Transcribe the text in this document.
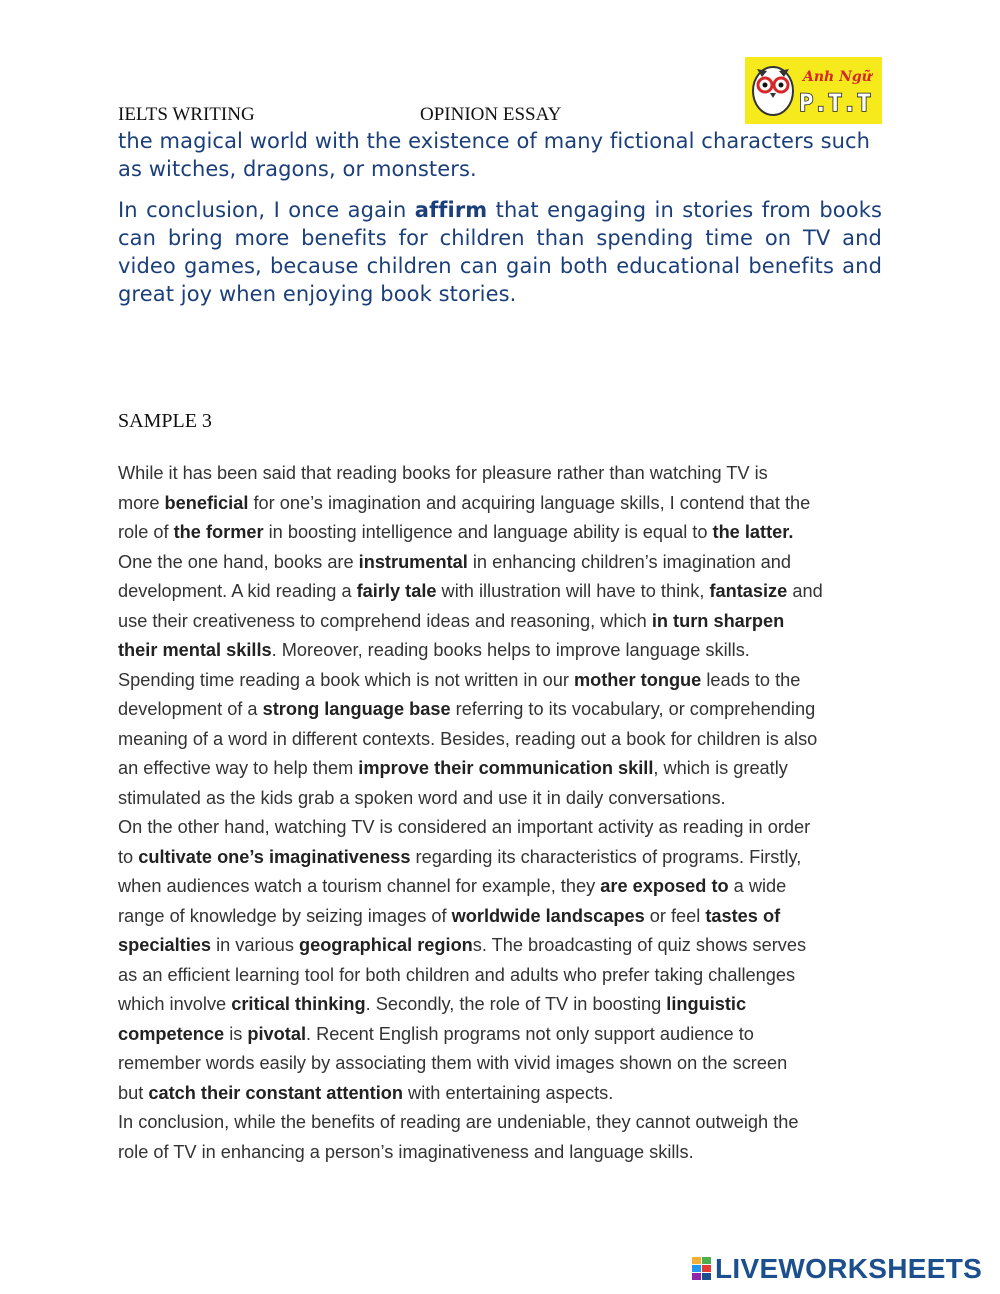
IELTS WRITING	OPINION ESSAY
Anh Ngữ
P.T.T
the magical world with the existence of many fictional characters such as witches, dragons, or monsters.
In conclusion, I once again affirm that engaging in stories from books can bring more benefits for children than spending time on TV and video games, because children can gain both educational benefits and great joy when enjoying book stories.
SAMPLE 3
While it has been said that reading books for pleasure rather than watching TV is
more beneficial for one’s imagination and acquiring language skills, I contend that the
role of the former in boosting intelligence and language ability is equal to the latter.
One the one hand, books are instrumental in enhancing children’s imagination and
development. A kid reading a fairly tale with illustration will have to think, fantasize and
use their creativeness to comprehend ideas and reasoning, which in turn sharpen
their mental skills. Moreover, reading books helps to improve language skills.
Spending time reading a book which is not written in our mother tongue leads to the
development of a strong language base referring to its vocabulary, or comprehending
meaning of a word in different contexts. Besides, reading out a book for children is also
an effective way to help them improve their communication skill, which is greatly
stimulated as the kids grab a spoken word and use it in daily conversations.
On the other hand, watching TV is considered an important activity as reading in order
to cultivate one’s imaginativeness regarding its characteristics of programs. Firstly,
when audiences watch a tourism channel for example, they are exposed to a wide
range of knowledge by seizing images of worldwide landscapes or feel tastes of
specialties in various geographical regions. The broadcasting of quiz shows serves
as an efficient learning tool for both children and adults who prefer taking challenges
which involve critical thinking. Secondly, the role of TV in boosting linguistic
competence is pivotal. Recent English programs not only support audience to
remember words easily by associating them with vivid images shown on the screen
but catch their constant attention with entertaining aspects.
In conclusion, while the benefits of reading are undeniable, they cannot outweigh the
role of TV in enhancing a person’s imaginativeness and language skills.
LIVEWORKSHEETS
